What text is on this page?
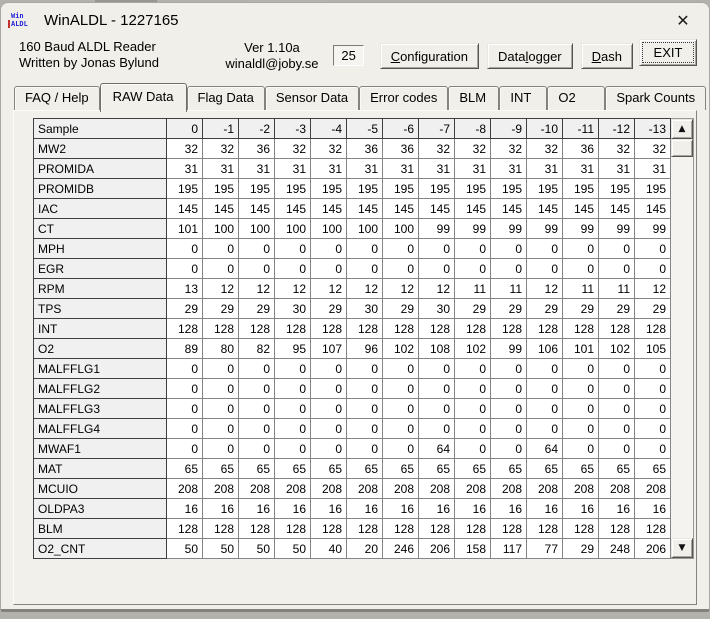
Win
ALDL	WinALDL - 1227165	✕
160 Baud ALDL Reader
Written by Jonas Bylund
Ver 1.10a
winaldl@joby.se
25	Configuration	Datalogger	Dash	EXIT
FAQ / Help	RAW Data	Flag Data	Sensor Data	Error codes	BLM	INT	O2	Spark Counts
Sample	0	-1	-2	-3	-4	-5	-6	-7	-8	-9	-10	-11	-12	-13
MW2	32	32	36	32	32	36	36	32	32	32	32	36	32	32
PROMIDA	31	31	31	31	31	31	31	31	31	31	31	31	31	31
PROMIDB	195	195	195	195	195	195	195	195	195	195	195	195	195	195
IAC	145	145	145	145	145	145	145	145	145	145	145	145	145	145
CT	101	100	100	100	100	100	100	99	99	99	99	99	99	99
MPH	0	0	0	0	0	0	0	0	0	0	0	0	0	0
EGR	0	0	0	0	0	0	0	0	0	0	0	0	0	0
RPM	13	12	12	12	12	12	12	12	11	11	12	11	11	12
TPS	29	29	29	30	29	30	29	30	29	29	29	29	29	29
INT	128	128	128	128	128	128	128	128	128	128	128	128	128	128
O2	89	80	82	95	107	96	102	108	102	99	106	101	102	105
MALFFLG1	0	0	0	0	0	0	0	0	0	0	0	0	0	0
MALFFLG2	0	0	0	0	0	0	0	0	0	0	0	0	0	0
MALFFLG3	0	0	0	0	0	0	0	0	0	0	0	0	0	0
MALFFLG4	0	0	0	0	0	0	0	0	0	0	0	0	0	0
MWAF1	0	0	0	0	0	0	0	64	0	0	64	0	0	0
MAT	65	65	65	65	65	65	65	65	65	65	65	65	65	65
MCUIO	208	208	208	208	208	208	208	208	208	208	208	208	208	208
OLDPA3	16	16	16	16	16	16	16	16	16	16	16	16	16	16
BLM	128	128	128	128	128	128	128	128	128	128	128	128	128	128
O2_CNT	50	50	50	50	40	20	246	206	158	117	77	29	248	206
▲
▼
